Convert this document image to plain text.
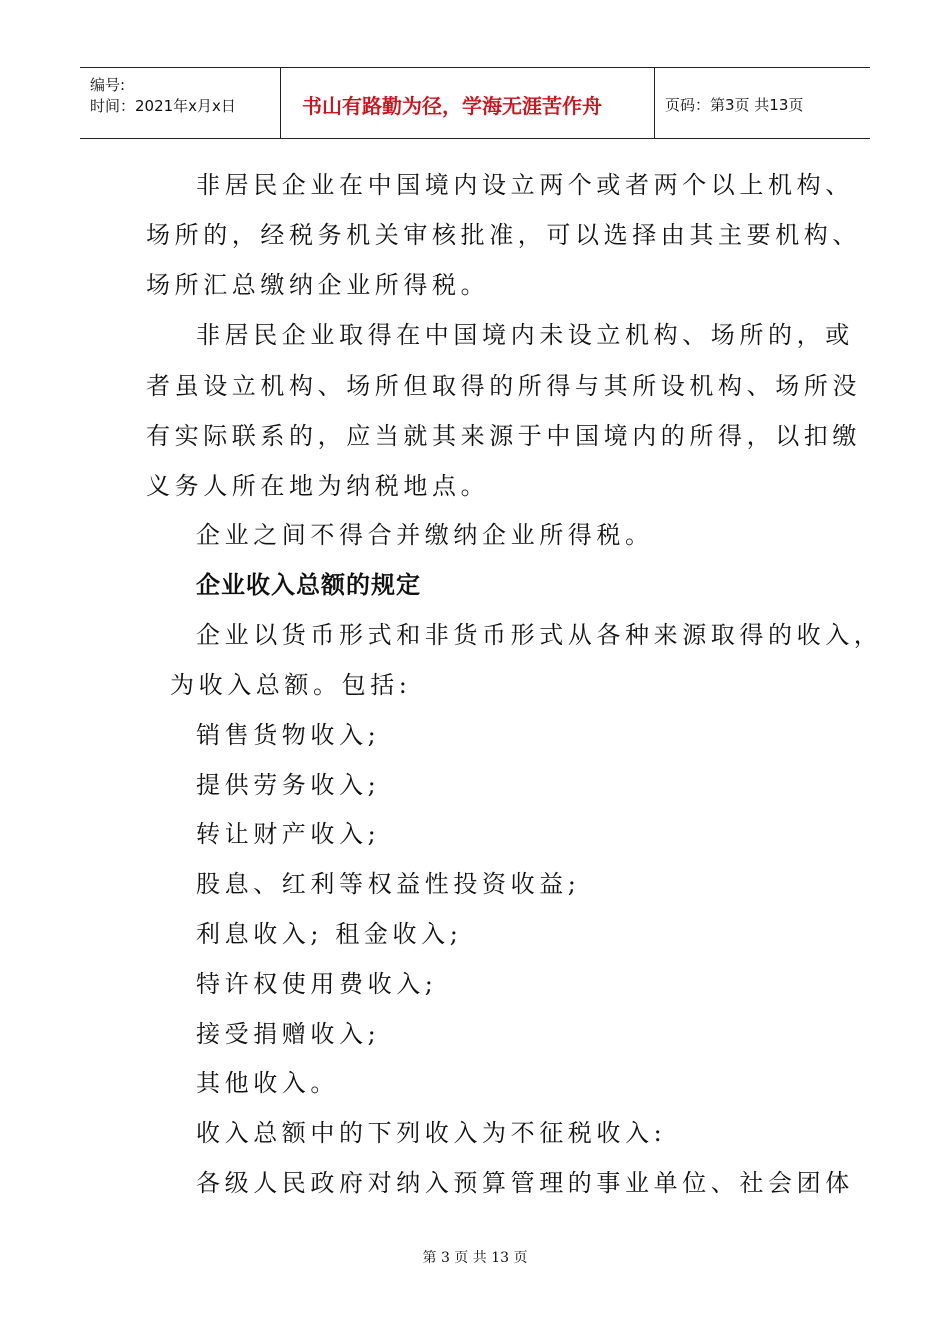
编号:
时间：2021年x月x日	书山有路勤为径，学海无涯苦作舟	页码：第3页 共13页
非居民企业在中国境内设立两个或者两个以上机构、
场所的，经税务机关审核批准，可以选择由其主要机构、
场所汇总缴纳企业所得税。
非居民企业取得在中国境内未设立机构、场所的，或
者虽设立机构、场所但取得的所得与其所设机构、场所没
有实际联系的，应当就其来源于中国境内的所得，以扣缴
义务人所在地为纳税地点。
企业之间不得合并缴纳企业所得税。
企业收入总额的规定
企业以货币形式和非货币形式从各种来源取得的收入，
为收入总额。包括:
销售货物收入;
提供劳务收入;
转让财产收入;
股息、红利等权益性投资收益;
利息收入; 租金收入;
特许权使用费收入;
接受捐赠收入;
其他收入。
收入总额中的下列收入为不征税收入:
各级人民政府对纳入预算管理的事业单位、社会团体
第 3 页 共 13 页
